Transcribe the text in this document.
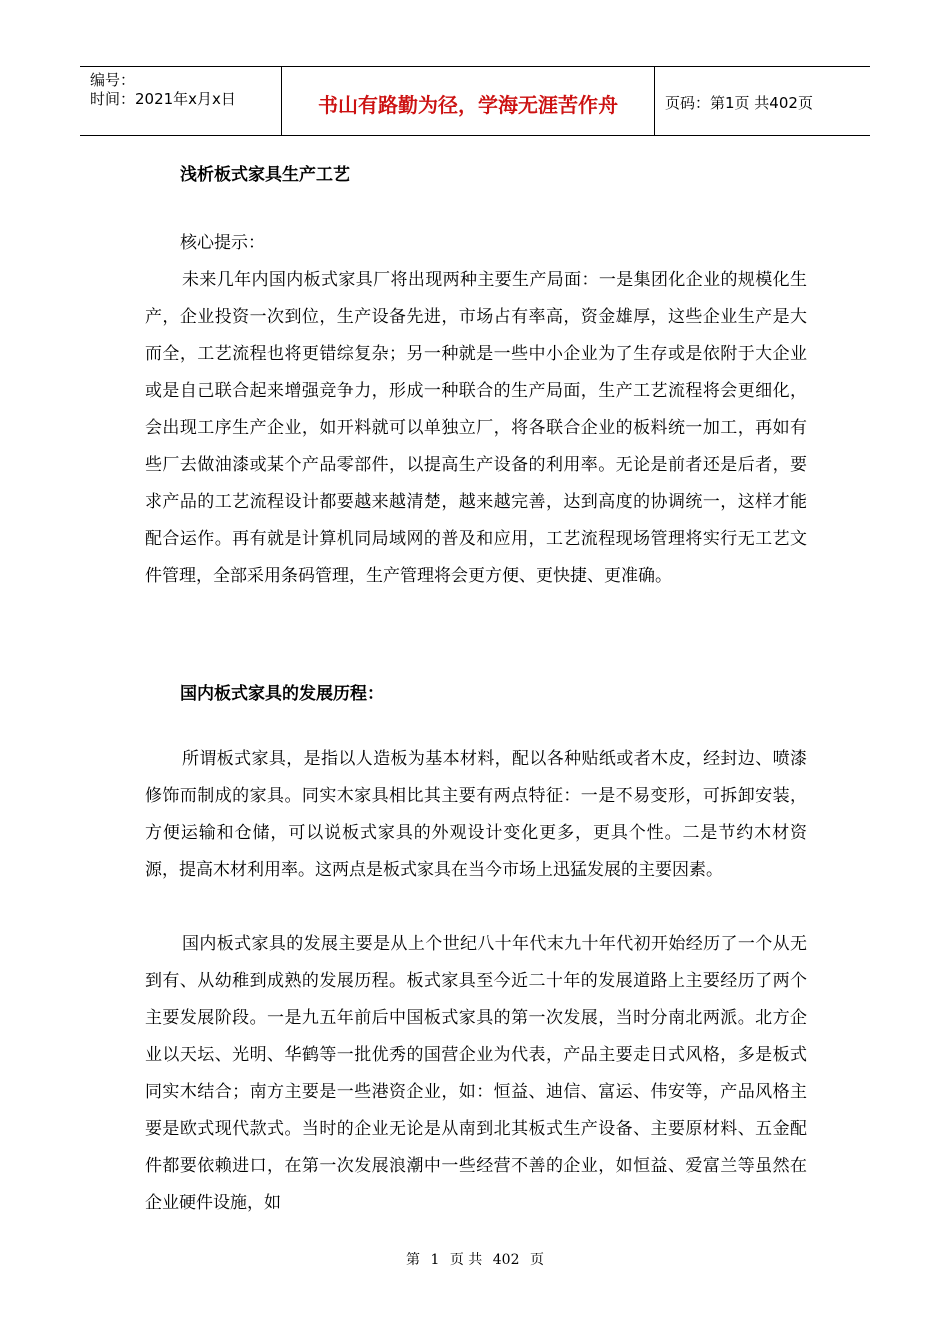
编号：
时间：2021年x月x日	书山有路勤为径，学海无涯苦作舟	页码：第1页 共402页
浅析板式家具生产工艺
核心提示：
未来几年内国内板式家具厂将出现两种主要生产局面：一是集团化企业的规模化生产，企业投资一次到位，生产设备先进，市场占有率高，资金雄厚，这些企业生产是大而全，工艺流程也将更错综复杂；另一种就是一些中小企业为了生存或是依附于大企业或是自己联合起来增强竞争力，形成一种联合的生产局面，生产工艺流程将会更细化，会出现工序生产企业，如开料就可以单独立厂，将各联合企业的板料统一加工，再如有些厂去做油漆或某个产品零部件，以提高生产设备的利用率。无论是前者还是后者，要求产品的工艺流程设计都要越来越清楚，越来越完善，达到高度的协调统一，这样才能配合运作。再有就是计算机同局域网的普及和应用，工艺流程现场管理将实行无工艺文件管理，全部采用条码管理，生产管理将会更方便、更快捷、更准确。
国内板式家具的发展历程：
所谓板式家具，是指以人造板为基本材料，配以各种贴纸或者木皮，经封边、喷漆修饰而制成的家具。同实木家具相比其主要有两点特征：一是不易变形，可拆卸安装，方便运输和仓储，可以说板式家具的外观设计变化更多，更具个性。二是节约木材资源，提高木材利用率。这两点是板式家具在当今市场上迅猛发展的主要因素。
国内板式家具的发展主要是从上个世纪八十年代末九十年代初开始经历了一个从无到有、从幼稚到成熟的发展历程。板式家具至今近二十年的发展道路上主要经历了两个主要发展阶段。一是九五年前后中国板式家具的第一次发展，当时分南北两派。北方企业以天坛、光明、华鹤等一批优秀的国营企业为代表，产品主要走日式风格，多是板式同实木结合；南方主要是一些港资企业，如：恒益、迪信、富运、伟安等，产品风格主要是欧式现代款式。当时的企业无论是从南到北其板式生产设备、主要原材料、五金配件都要依赖进口，在第一次发展浪潮中一些经营不善的企业，如恒益、爱富兰等虽然在企业硬件设施，如
第 1 页 共 402 页
